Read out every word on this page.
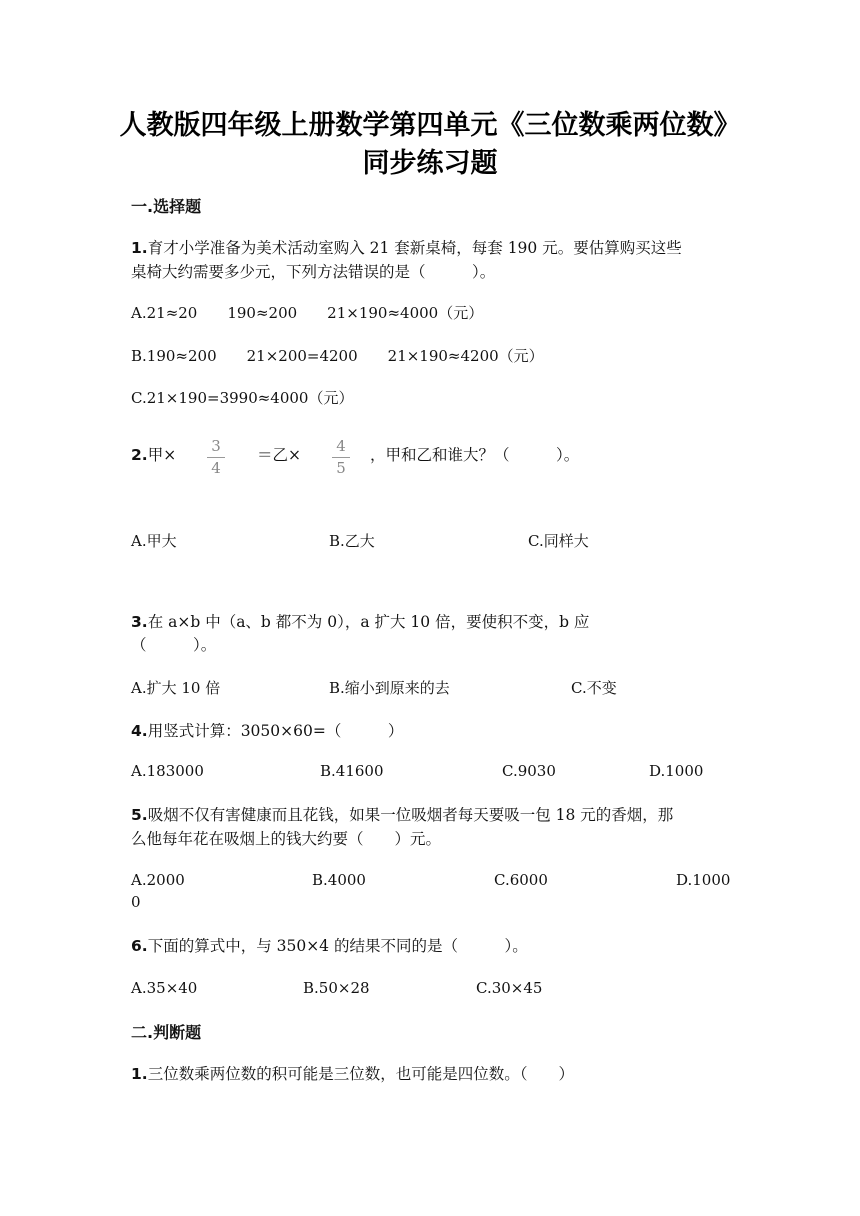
人教版四年级上册数学第四单元《三位数乘两位数》
同步练习题
一.选择题
1.育才小学准备为美术活动室购入 21 套新桌椅，每套 190 元。要估算购买这些
桌椅大约需要多少元，下列方法错误的是（　　　）。
A.21≈20　　190≈200　　21×190≈4000（元）
B.190≈200　　21×200=4200　　21×190≈4200（元）
C.21×190=3990≈4000（元）
2.甲×	3
4
＝乙×	4
5
，甲和乙和谁大？（　　　）。
A.甲大	B.乙大	C.同样大
3.在 a×b 中（a、b 都不为 0），a 扩大 10 倍，要使积不变，b 应
（　　　）。
A.扩大 10 倍	B.缩小到原来的去	C.不变
4.用竖式计算：3050×60=（　　　）
A.183000	B.41600	C.9030	D.1000
5.吸烟不仅有害健康而且花钱，如果一位吸烟者每天要吸一包 18 元的香烟，那
么他每年花在吸烟上的钱大约要（　　）元。
A.2000	B.4000	C.6000	D.1000
0
6.下面的算式中，与 350×4 的结果不同的是（　　　）。
A.35×40	B.50×28	C.30×45
二.判断题
1.三位数乘两位数的积可能是三位数，也可能是四位数。（　　）
